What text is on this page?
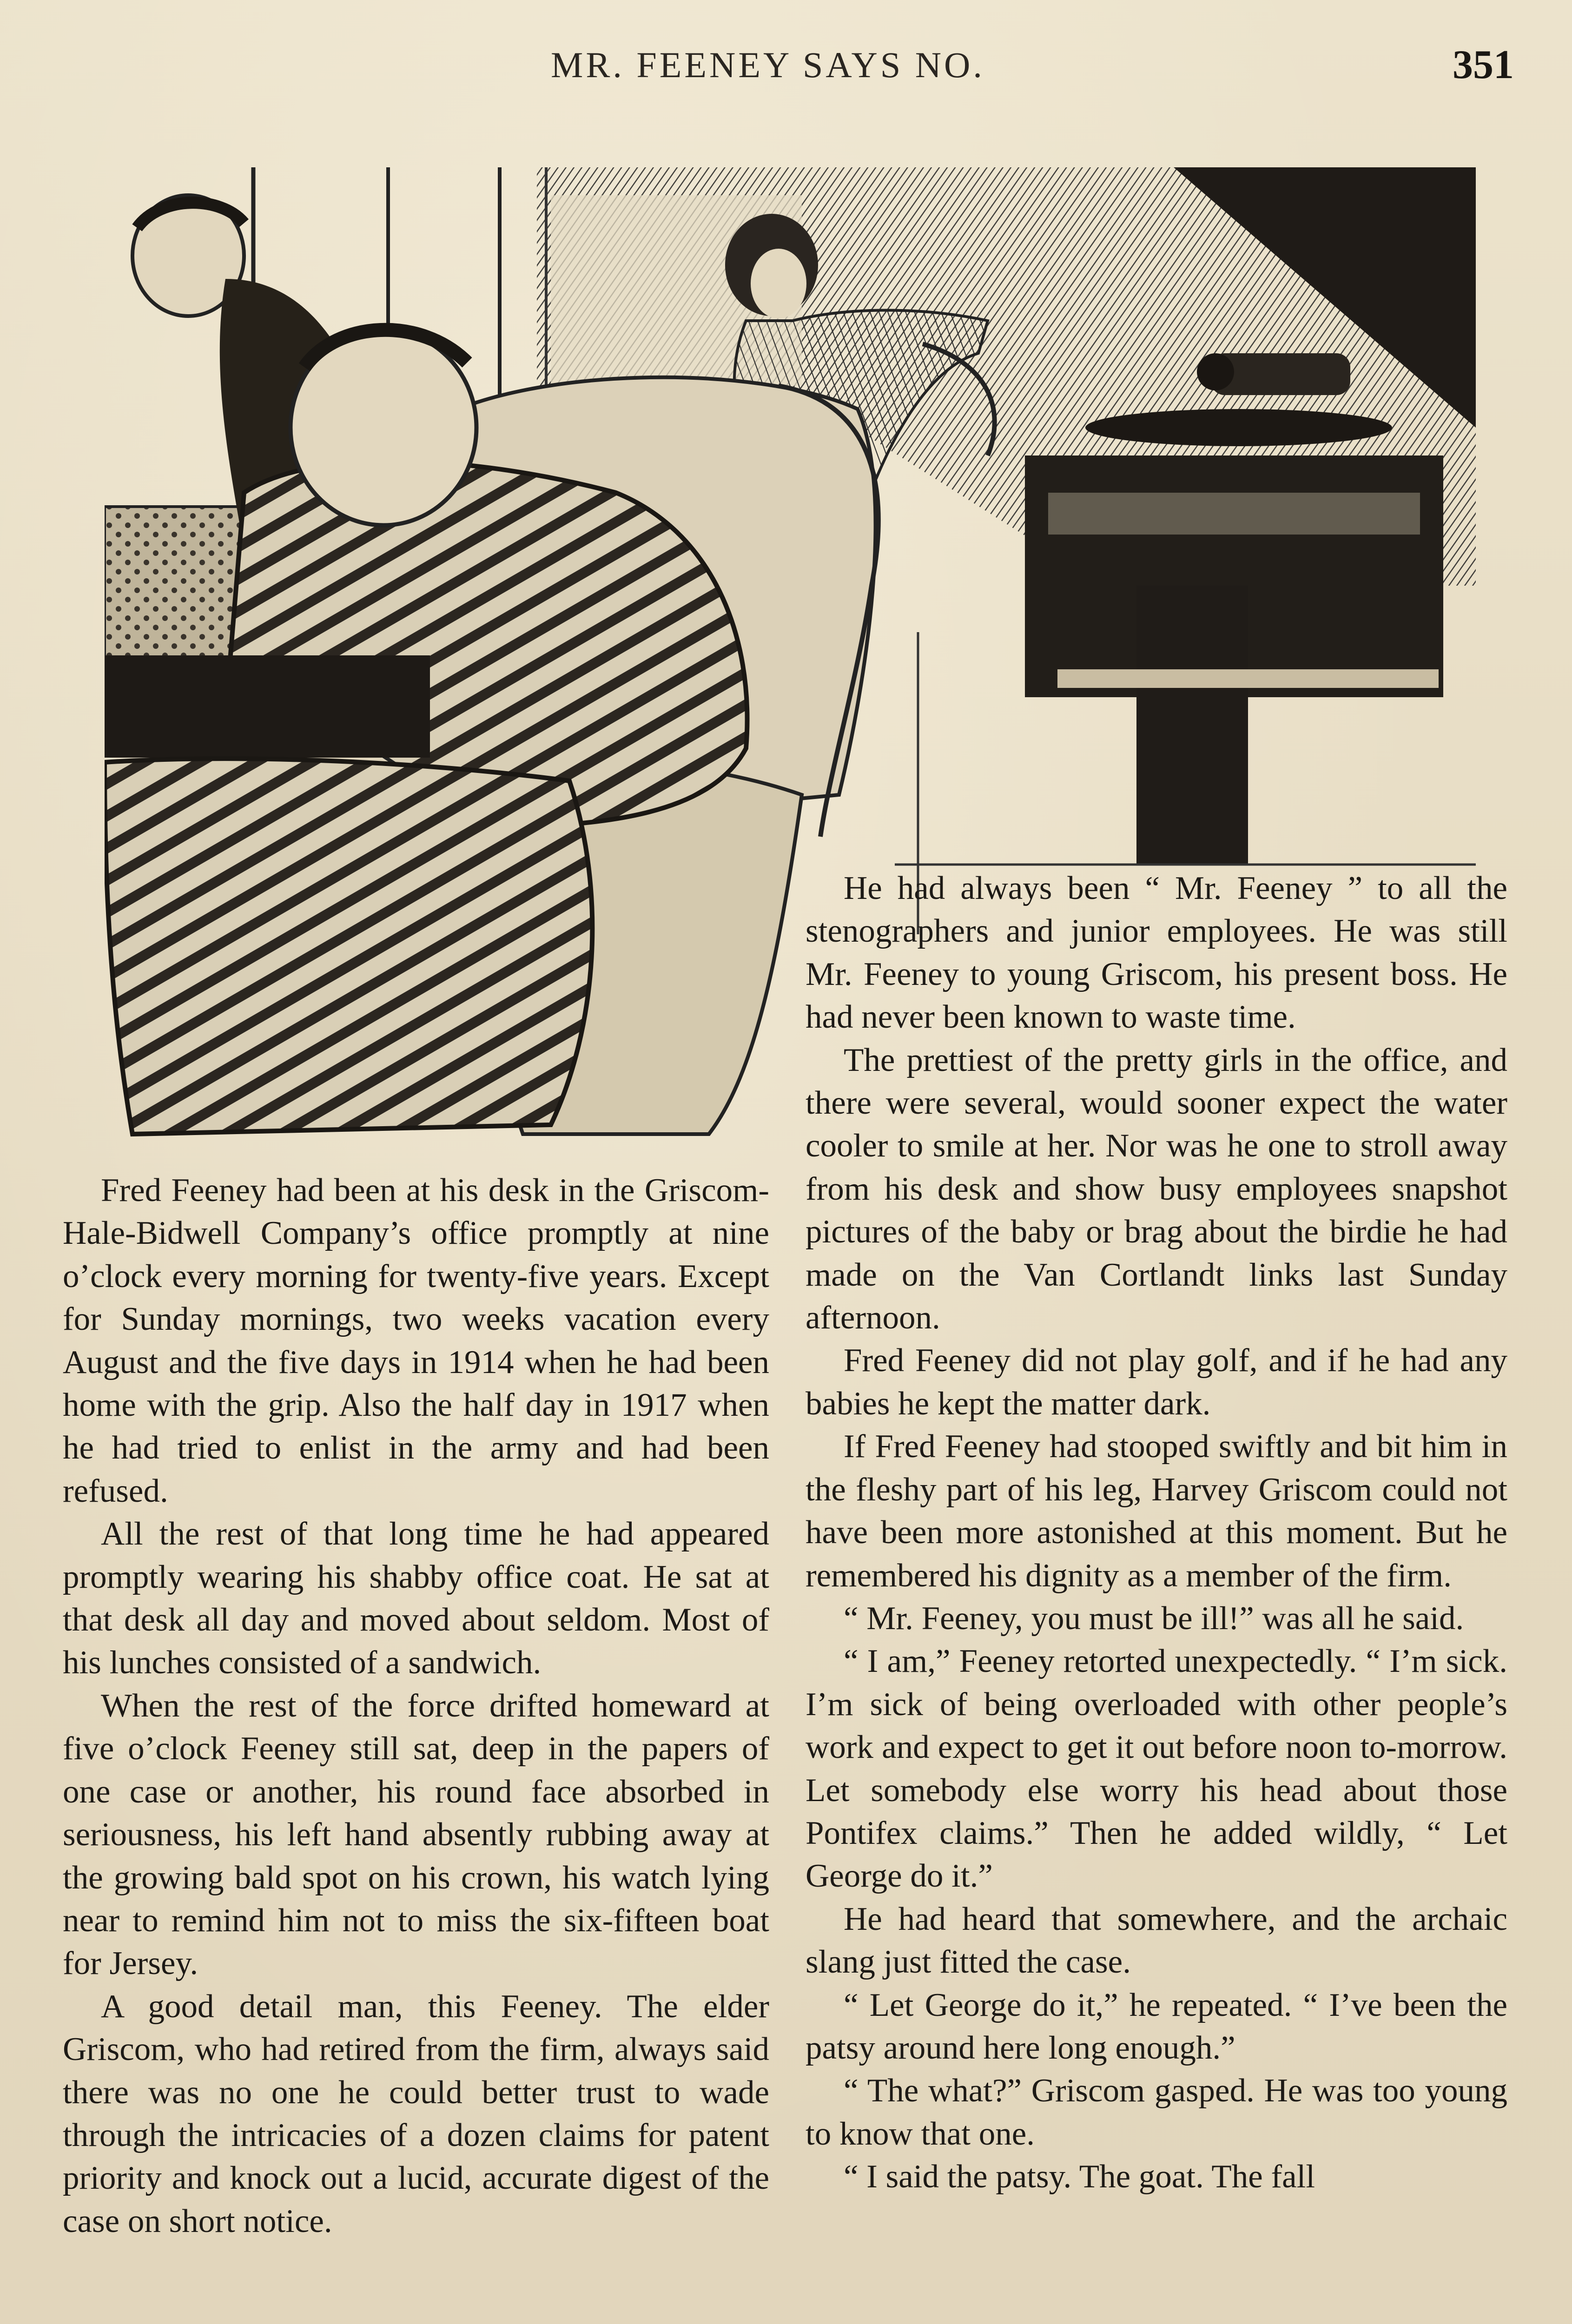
MR. FEENEY SAYS NO.	351

He had always been “ Mr. Feeney ” to all the stenographers and junior employees. He was still Mr. Feeney to young Griscom, his present boss. He had never been known to waste time.

The prettiest of the pretty girls in the office, and there were several, would sooner expect the water cooler to smile at her. Nor was he one to stroll away from his desk and show busy employees snapshot pictures of the baby or brag about the birdie he had made on the Van Cortlandt links last Sunday afternoon.

Fred Feeney did not play golf, and if he had any babies he kept the matter dark.

If Fred Feeney had stooped swiftly and bit him in the fleshy part of his leg, Harvey Griscom could not have been more astonished at this moment. But he remembered his dignity as a member of the firm.

“ Mr. Feeney, you must be ill!” was all he said.

“ I am,” Feeney retorted unexpectedly. “ I’m sick. I’m sick of being overloaded with other people’s work and expect to get it out before noon to-morrow. Let somebody else worry his head about those Pontifex claims.” Then he added wildly, “ Let George do it.”

He had heard that somewhere, and the archaic slang just fitted the case.

“ Let George do it,” he repeated. “ I’ve been the patsy around here long enough.”

“ The what?” Griscom gasped. He was too young to know that one.

“ I said the patsy. The goat. The fall

Fred Feeney had been at his desk in the Griscom-Hale-Bidwell Company’s office promptly at nine o’clock every morning for twenty-five years. Except for Sunday mornings, two weeks vacation every August and the five days in 1914 when he had been home with the grip. Also the half day in 1917 when he had tried to enlist in the army and had been refused.

All the rest of that long time he had appeared promptly wearing his shabby office coat. He sat at that desk all day and moved about seldom. Most of his lunches consisted of a sandwich.

When the rest of the force drifted homeward at five o’clock Feeney still sat, deep in the papers of one case or another, his round face absorbed in seriousness, his left hand absently rubbing away at the growing bald spot on his crown, his watch lying near to remind him not to miss the six-fifteen boat for Jersey.

A good detail man, this Feeney. The elder Griscom, who had retired from the firm, always said there was no one he could better trust to wade through the intricacies of a dozen claims for patent priority and knock out a lucid, accurate digest of the case on short notice.
